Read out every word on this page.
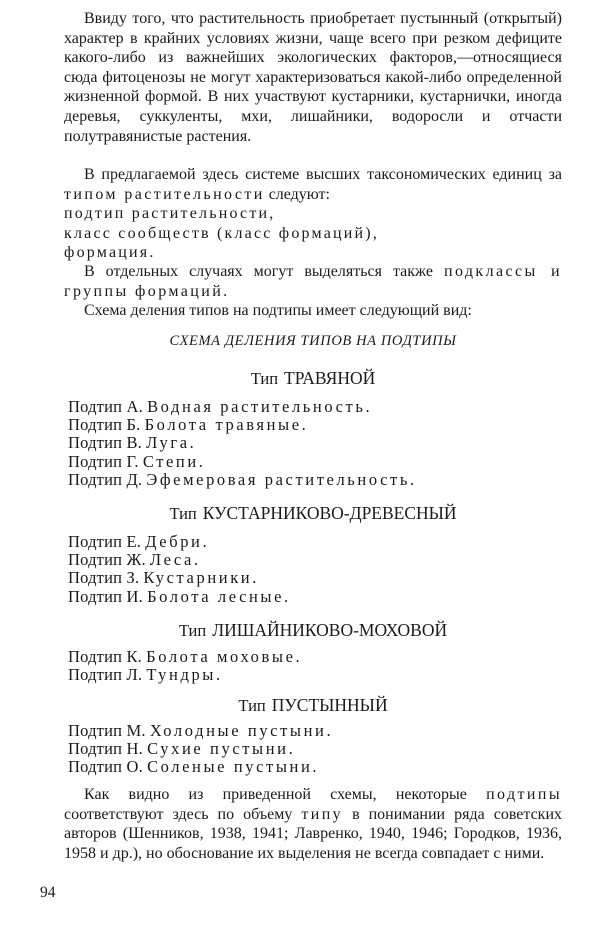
Ввиду того, что растительность приобретает пустынный (открытый) характер в крайних условиях жизни, чаще всего при резком дефиците какого-либо из важнейших экологических факторов,—относящиеся сюда фитоценозы не могут характеризоваться какой-либо определенной жизненной формой. В них участвуют кустарники, кустарнички, иногда деревья, суккуленты, мхи, лишайники, водоросли и отчасти полутравянистые растения.

В предлагаемой здесь системе высших таксономических единиц за типом растительности следуют:

подтип растительности,
класс сообществ (класс формаций),
формация.

В отдельных случаях могут выделяться также подклассы и группы формаций.

Схема деления типов на подтипы имеет следующий вид:

СХЕМА ДЕЛЕНИЯ ТИПОВ НА ПОДТИПЫ

Тип ТРАВЯНОЙ
Подтип А. Водная растительность.
Подтип Б. Болота травяные.
Подтип В. Луга.
Подтип Г. Степи.
Подтип Д. Эфемеровая растительность.
Тип КУСТАРНИКОВО-ДРЕВЕСНЫЙ
Подтип Е. Дебри.
Подтип Ж. Леса.
Подтип З. Кустарники.
Подтип И. Болота лесные.
Тип ЛИШАЙНИКОВО-МОХОВОЙ
Подтип К. Болота моховые.
Подтип Л. Тундры.
Тип ПУСТЫННЫЙ
Подтип М. Холодные пустыни.
Подтип Н. Сухие пустыни.
Подтип О. Соленые пустыни.

Как видно из приведенной схемы, некоторые подтипы соответствуют здесь по объему типу в понимании ряда советских авторов (Шенников, 1938, 1941; Лавренко, 1940, 1946; Городков, 1936, 1958 и др.), но обоснование их выделения не всегда совпадает с ними.

94
